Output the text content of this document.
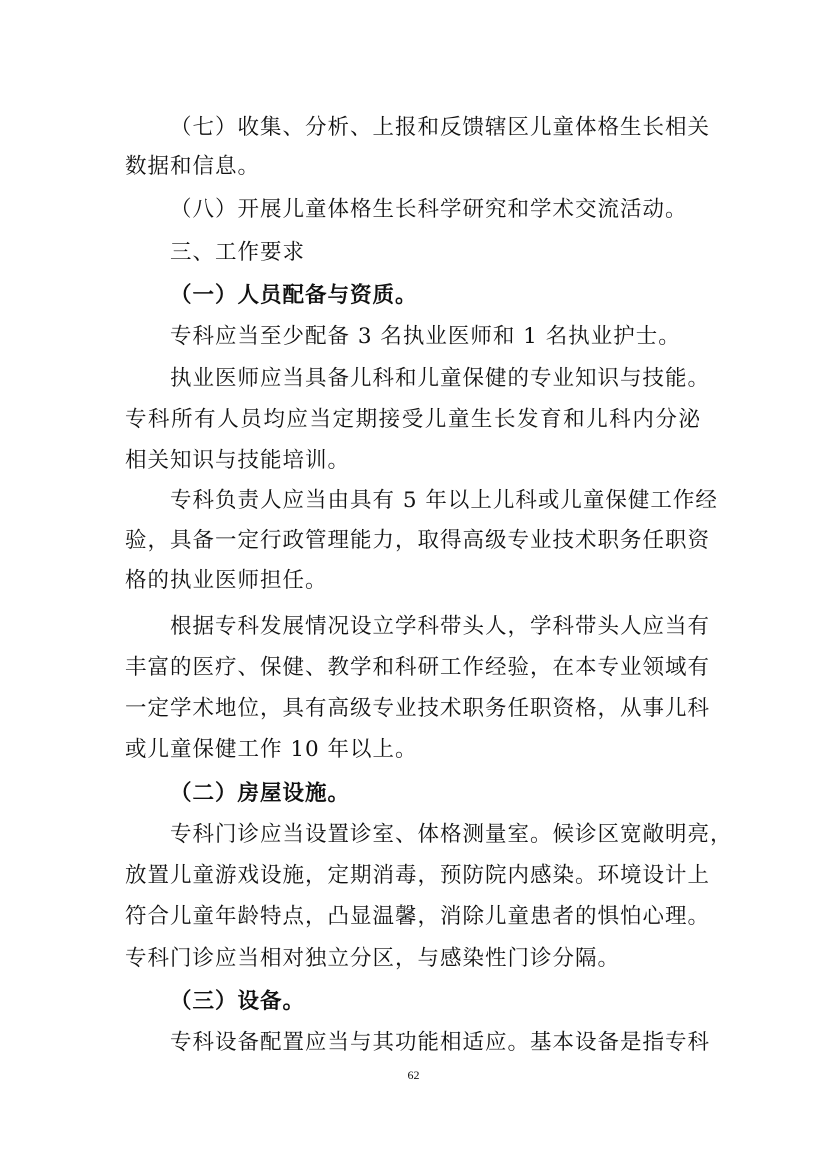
（七）收集、分析、上报和反馈辖区儿童体格生长相关
数据和信息。
（八）开展儿童体格生长科学研究和学术交流活动。
三、工作要求
（一）人员配备与资质。
专科应当至少配备 3 名执业医师和 1 名执业护士。
执业医师应当具备儿科和儿童保健的专业知识与技能。
专科所有人员均应当定期接受儿童生长发育和儿科内分泌
相关知识与技能培训。
专科负责人应当由具有 5 年以上儿科或儿童保健工作经
验，具备一定行政管理能力，取得高级专业技术职务任职资
格的执业医师担任。
根据专科发展情况设立学科带头人，学科带头人应当有
丰富的医疗、保健、教学和科研工作经验，在本专业领域有
一定学术地位，具有高级专业技术职务任职资格，从事儿科
或儿童保健工作 10 年以上。
（二）房屋设施。
专科门诊应当设置诊室、体格测量室。候诊区宽敞明亮，
放置儿童游戏设施，定期消毒，预防院内感染。环境设计上
符合儿童年龄特点，凸显温馨，消除儿童患者的惧怕心理。
专科门诊应当相对独立分区，与感染性门诊分隔。
（三）设备。
专科设备配置应当与其功能相适应。基本设备是指专科
62
